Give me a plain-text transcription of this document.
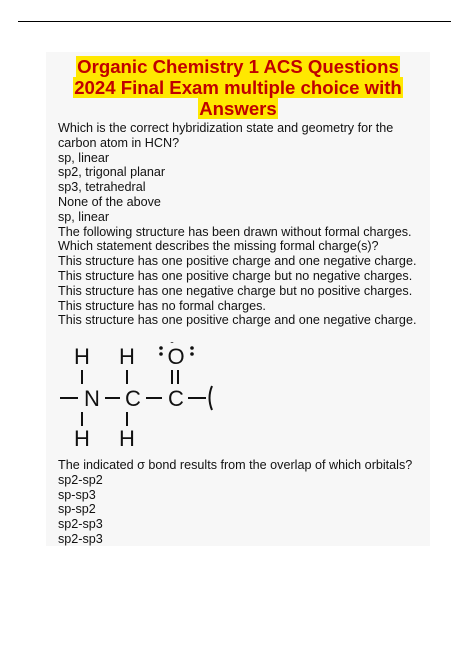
Organic Chemistry 1 ACS Questions
2024 Final Exam multiple choice with
Answers

Which is the correct hybridization state and geometry for the

carbon atom in HCN?

sp, linear

sp2, trigonal planar

sp3, tetrahedral

None of the above

sp, linear

The following structure has been drawn without formal charges.

Which statement describes the missing formal charge(s)?

This structure has one positive charge and one negative charge.

This structure has one positive charge but no negative charges.

This structure has one negative charge but no positive charges.

This structure has no formal charges.

This structure has one positive charge and one negative charge.

H H O
N C C
H H

The indicated σ bond results from the overlap of which orbitals?

sp2-sp2

sp-sp3

sp-sp2

sp2-sp3

sp2-sp3
